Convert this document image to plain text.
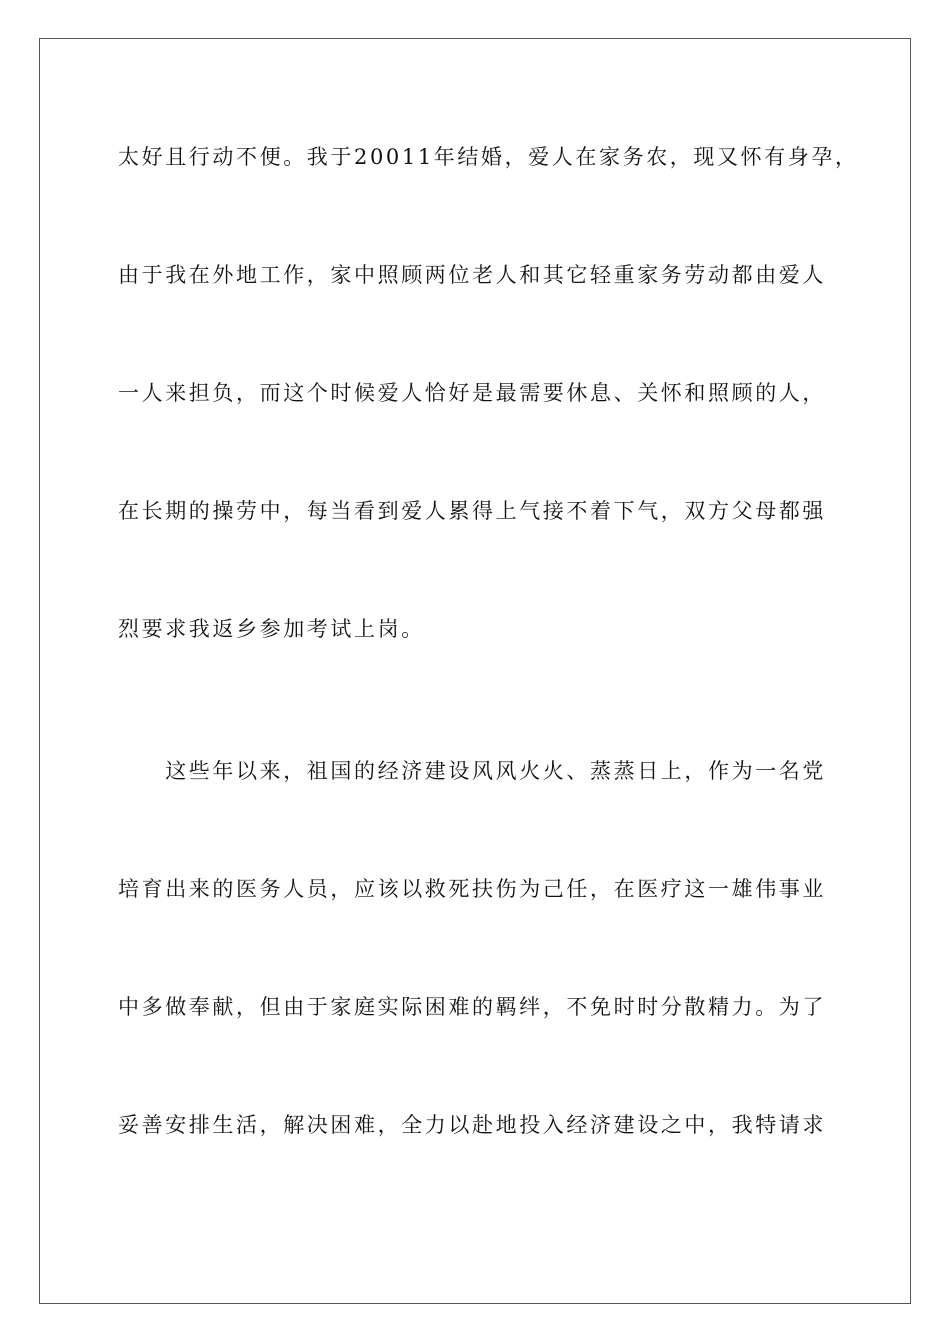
太好且行动不便。我于20011年结婚，爱人在家务农，现又怀有身孕，
由于我在外地工作，家中照顾两位老人和其它轻重家务劳动都由爱人
一人来担负，而这个时候爱人恰好是最需要休息、关怀和照顾的人，
在长期的操劳中，每当看到爱人累得上气接不着下气，双方父母都强
烈要求我返乡参加考试上岗。
　　这些年以来，祖国的经济建设风风火火、蒸蒸日上，作为一名党
培育出来的医务人员，应该以救死扶伤为己任，在医疗这一雄伟事业
中多做奉献，但由于家庭实际困难的羁绊，不免时时分散精力。为了
妥善安排生活，解决困难，全力以赴地投入经济建设之中，我特请求
